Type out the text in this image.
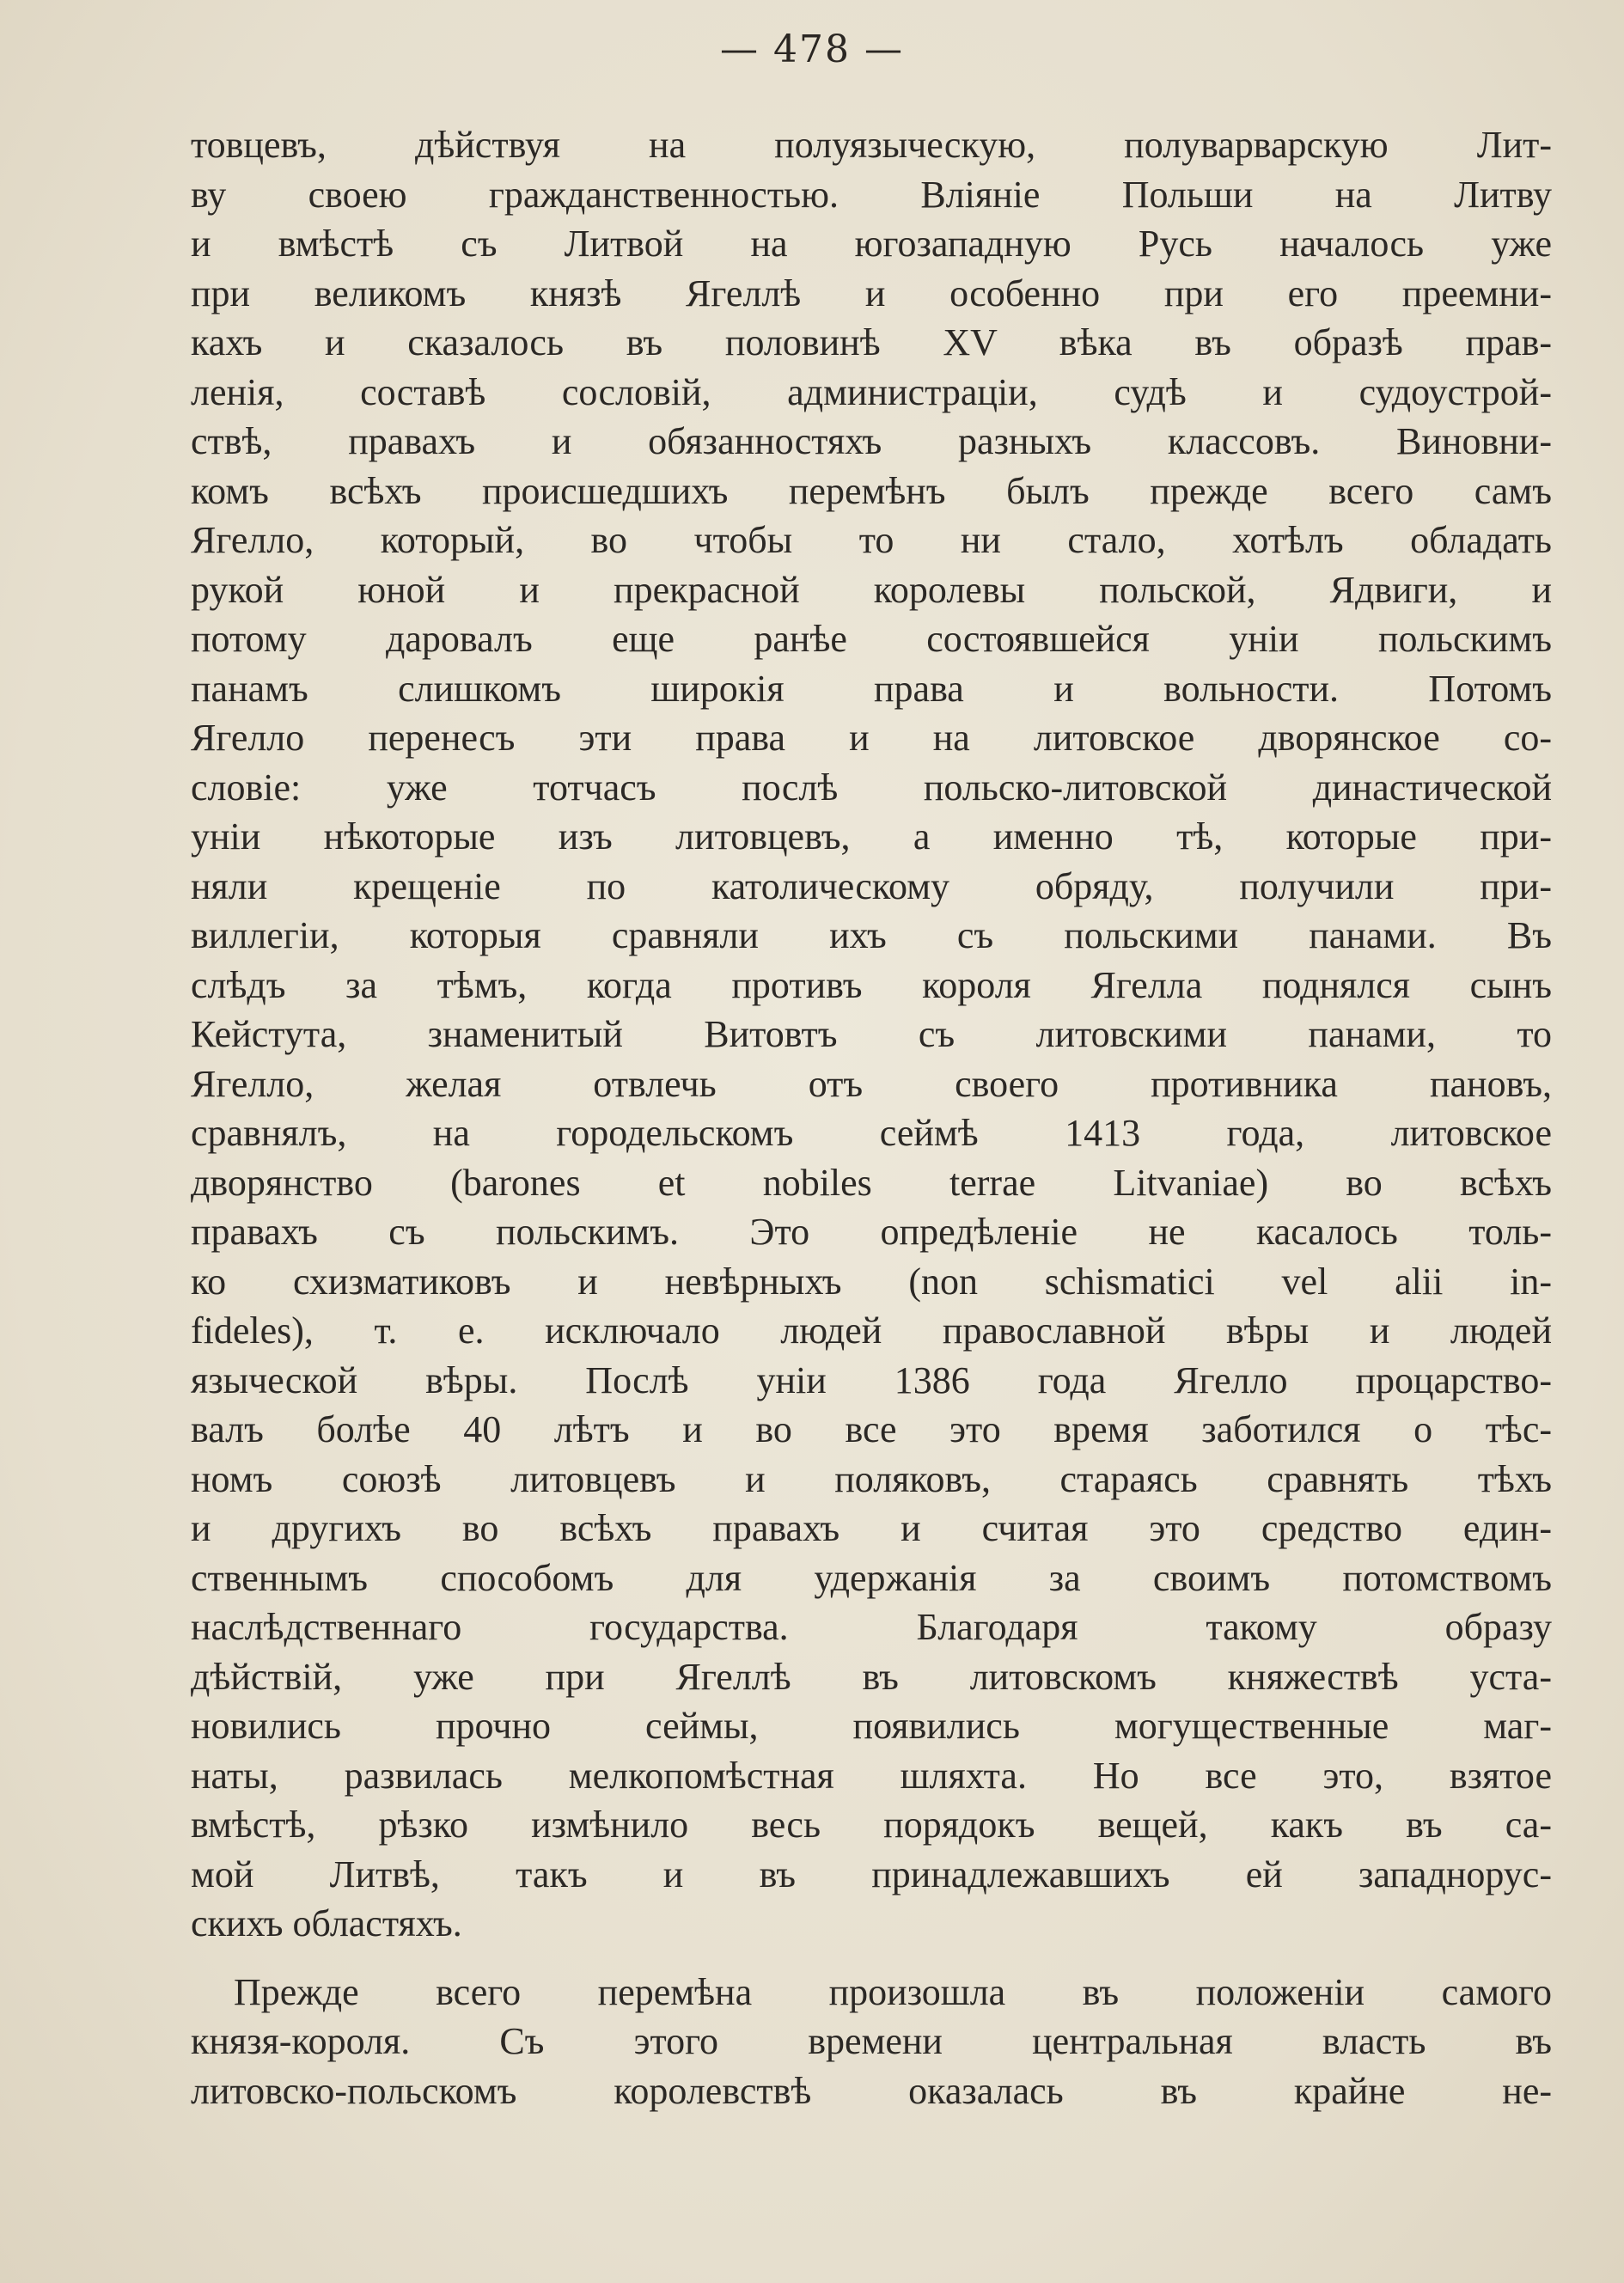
— 478 —
товцевъ, дѣйствуя на полуязыческую, полуварварскую Лит-
ву своею гражданственностью. Вліяніе Польши на Литву
и вмѣстѣ съ Литвой на югозападную Русь началось уже
при великомъ князѣ Ягеллѣ и особенно при его преемни-
кахъ и сказалось въ половинѣ XV вѣка въ образѣ прав-
ленія, составѣ сословій, администраціи, судѣ и судоустрой-
ствѣ, правахъ и обязанностяхъ разныхъ классовъ. Виновни-
комъ всѣхъ происшедшихъ перемѣнъ былъ прежде всего самъ
Ягелло, который, во чтобы то ни стало, хотѣлъ обладать
рукой юной и прекрасной королевы польской, Ядвиги, и
потому даровалъ еще ранѣе состоявшейся уніи польскимъ
панамъ слишкомъ широкія права и вольности. Потомъ
Ягелло перенесъ эти права и на литовское дворянское со-
словіе: уже тотчасъ послѣ польско-литовской династической
уніи нѣкоторые изъ литовцевъ, а именно тѣ, которые при-
няли крещеніе по католическому обряду, получили при-
виллегіи, которыя сравняли ихъ съ польскими панами. Въ
слѣдъ за тѣмъ, когда противъ короля Ягелла поднялся сынъ
Кейстута, знаменитый Витовтъ съ литовскими панами, то
Ягелло, желая отвлечь отъ своего противника пановъ,
сравнялъ, на городельскомъ сеймѣ 1413 года, литовское
дворянство (barones et nobiles terrae Litvaniae) во всѣхъ
правахъ съ польскимъ. Это опредѣленіе не касалось толь-
ко схизматиковъ и невѣрныхъ (non schismatici vel alii in-
fideles), т. е. исключало людей православной вѣры и людей
языческой вѣры. Послѣ уніи 1386 года Ягелло процарство-
валъ болѣе 40 лѣтъ и во все это время заботился о тѣс-
номъ союзѣ литовцевъ и поляковъ, стараясь сравнять тѣхъ
и другихъ во всѣхъ правахъ и считая это средство един-
ственнымъ способомъ для удержанія за своимъ потомствомъ
наслѣдственнаго государства. Благодаря такому образу
дѣйствій, уже при Ягеллѣ въ литовскомъ княжествѣ уста-
новились прочно сеймы, появились могущественные маг-
наты, развилась мелкопомѣстная шляхта. Но все это, взятое
вмѣстѣ, рѣзко измѣнило весь порядокъ вещей, какъ въ са-
мой Литвѣ, такъ и въ принадлежавшихъ ей западнорус-
скихъ областяхъ.
Прежде всего перемѣна произошла въ положеніи самого
князя-короля. Съ этого времени центральная власть въ
литовско-польскомъ королевствѣ оказалась въ крайне не-
